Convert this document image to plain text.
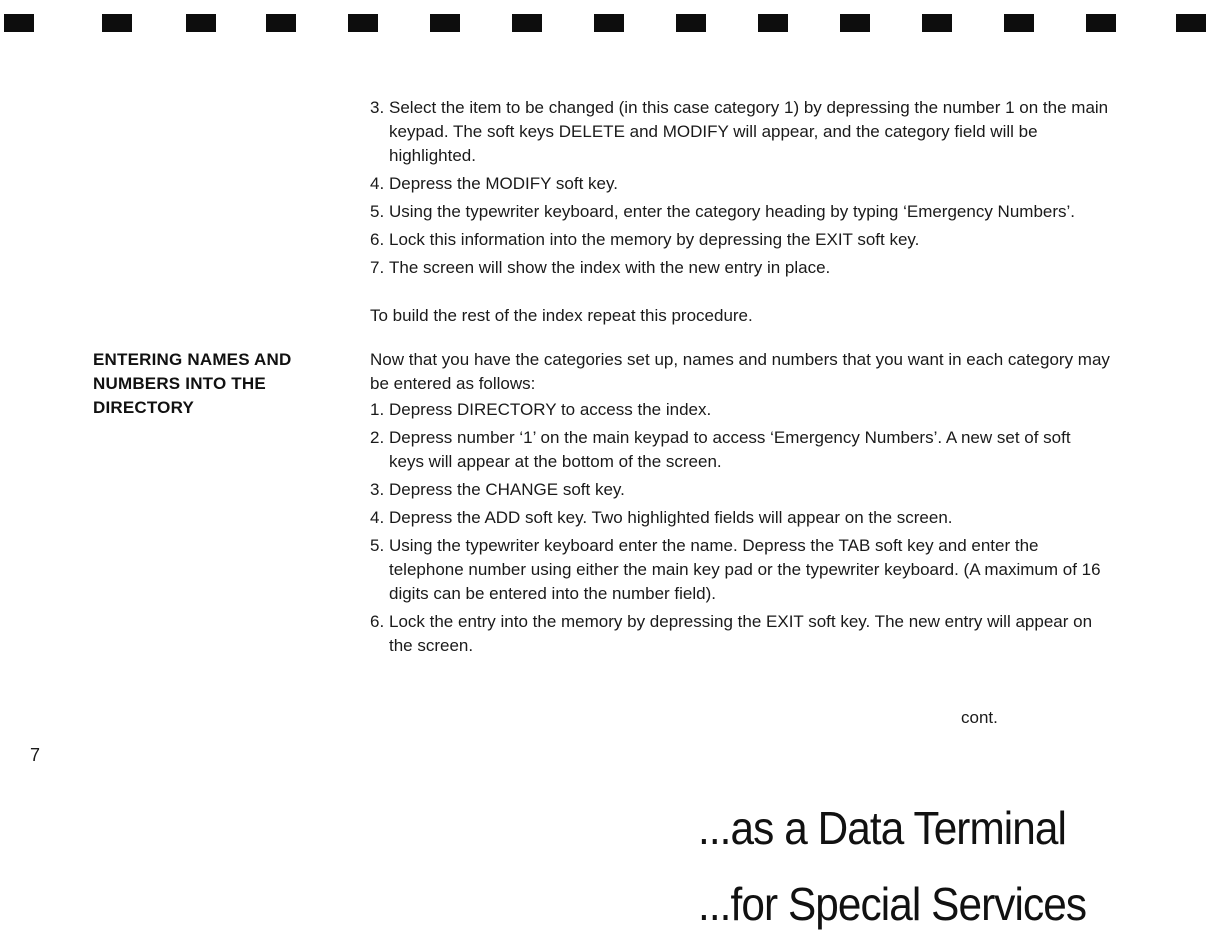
3. Select the item to be changed (in this case category 1) by depressing the number 1 on the main keypad. The soft keys DELETE and MODIFY will appear, and the category field will be highlighted.
4. Depress the MODIFY soft key.
5. Using the typewriter keyboard, enter the category heading by typing ‘Emergency Numbers’.
6. Lock this information into the memory by depressing the EXIT soft key.
7. The screen will show the index with the new entry in place.

To build the rest of the index repeat this procedure.

ENTERING NAMES AND NUMBERS INTO THE DIRECTORY

Now that you have the categories set up, names and numbers that you want in each category may be entered as follows:

1. Depress DIRECTORY to access the index.
2. Depress number ‘1’ on the main keypad to access ‘Emergency Numbers’. A new set of soft keys will appear at the bottom of the screen.
3. Depress the CHANGE soft key.
4. Depress the ADD soft key. Two highlighted fields will appear on the screen.
5. Using the typewriter keyboard enter the name. Depress the TAB soft key and enter the telephone number using either the main key pad or the typewriter keyboard. (A maximum of 16 digits can be entered into the number field).
6. Lock the entry into the memory by depressing the EXIT soft key. The new entry will appear on the screen.
cont.
7

...as a Data Terminal

...for Special Services
